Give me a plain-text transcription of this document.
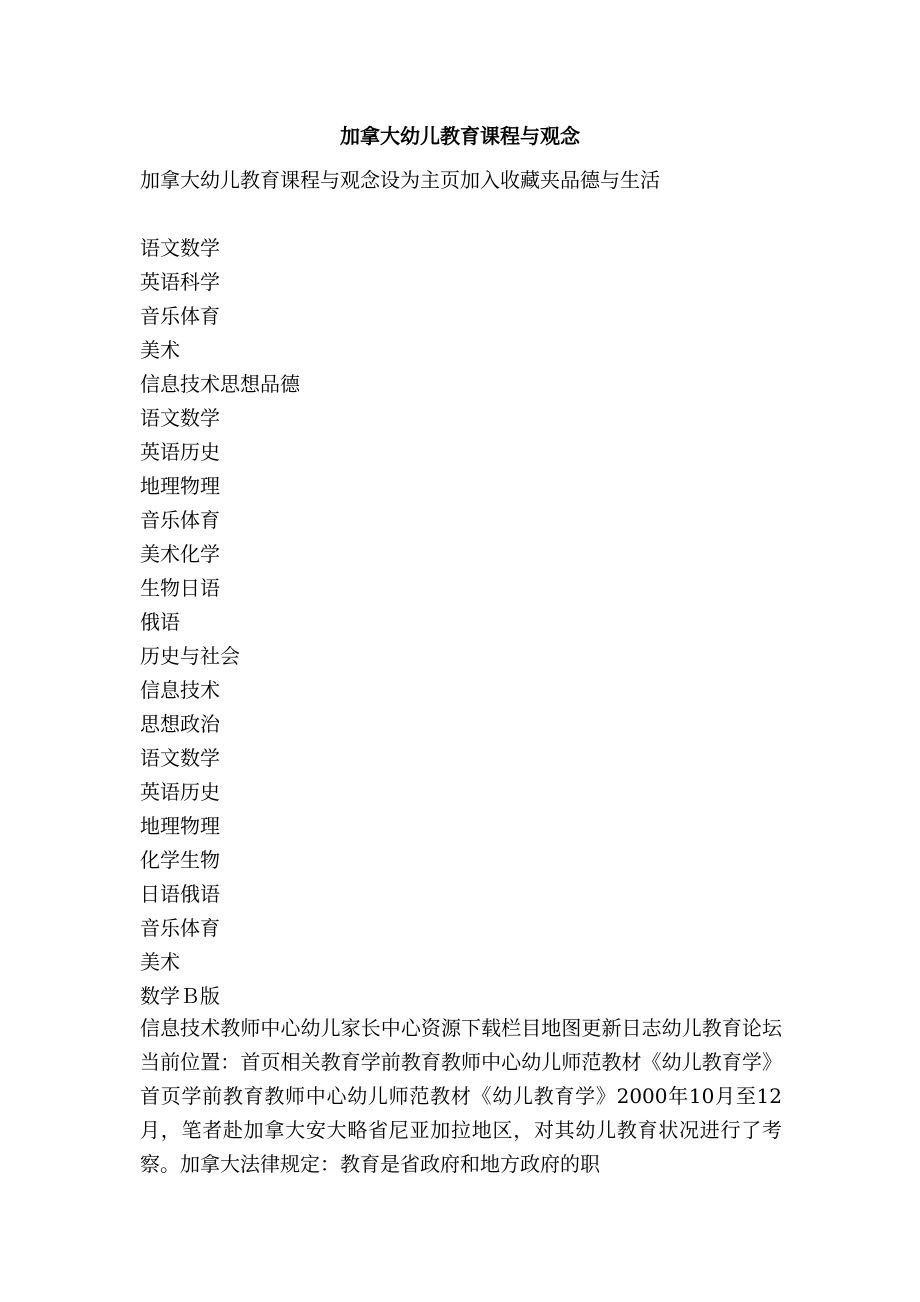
加拿大幼儿教育课程与观念

加拿大幼儿教育课程与观念设为主页加入收藏夹品德与生活

语文数学
英语科学
音乐体育
美术
信息技术思想品德
语文数学
英语历史
地理物理
音乐体育
美术化学
生物日语
俄语
历史与社会
信息技术
思想政治
语文数学
英语历史
地理物理
化学生物
日语俄语
音乐体育
美术
数学Ｂ版

信息技术教师中心幼儿家长中心资源下载栏目地图更新日志幼儿教育论坛当前位置：首页相关教育学前教育教师中心幼儿师范教材《幼儿教育学》首页学前教育教师中心幼儿师范教材《幼儿教育学》2000年10月至12月，笔者赴加拿大安大略省尼亚加拉地区，对其幼儿教育状况进行了考察。加拿大法律规定：教育是省政府和地方政府的职
